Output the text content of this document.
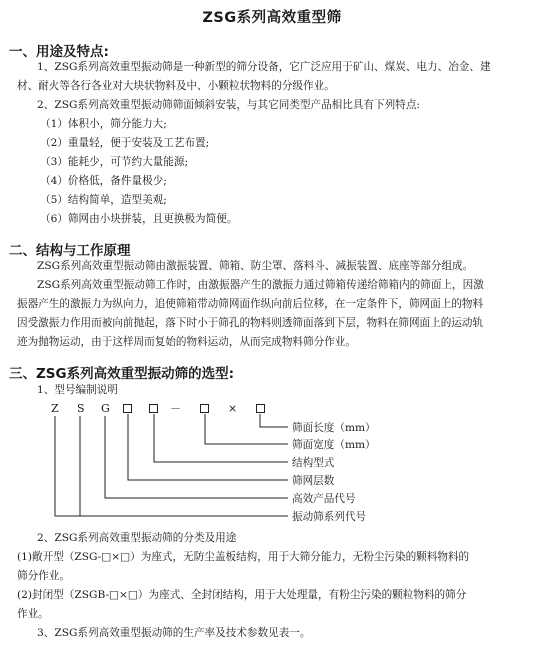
ZSG系列高效重型筛
一、用途及特点:
1、ZSG系列高效重型振动筛是一种新型的筛分设备，它广泛应用于矿山、煤炭、电力、冶金、建
材、耐火等各行各业对大块状物料及中、小颗粒状物料的分级作业。
2、ZSG系列高效重型振动筛筛面倾斜安装，与其它同类型产品相比具有下列特点:
（1）体积小，筛分能力大;
（2）重量轻，便于安装及工艺布置;
（3）能耗少，可节约大量能源;
（4）价格低，备件量极少;
（5）结构简单，造型美观;
（6）筛网由小块拼装，且更换极为简便。
二、结构与工作原理
ZSG系列高效重型振动筛由激振装置、筛箱、防尘罩、落料斗、减振装置、底座等部分组成。
ZSG系列高效重型振动筛工作时，由激振器产生的激振力通过筛箱传递给筛箱内的筛面上，因激
振器产生的激振力为纵向力，追使筛箱带动筛网面作纵向前后位移，在一定条件下，筛网面上的物料
因受激振力作用而被向前抛起，落下时小于筛孔的物料则透筛面落到下层，物料在筛网面上的运动轨
迹为抛物运动，由于这样周而复始的物料运动，从而完成物料筛分作业。
三、ZSG系列高效重型振动筛的选型:
1、型号编制说明
Z S G	－	×
筛面长度（mm）
筛面宽度（mm）
结构型式
筛网层数
高效产品代号
振动筛系列代号
2、ZSG系列高效重型振动筛的分类及用途
(1)敞开型（ZSG-□×□）为座式，无防尘盖板结构，用于大筛分能力，无粉尘污染的颗料物料的
筛分作业。
(2)封闭型（ZSGB-□×□）为座式、全封闭结构，用于大处理量，有粉尘污染的颗粒物料的筛分
作业。
3、ZSG系列高效重型振动筛的生产率及技术参数见表一。
